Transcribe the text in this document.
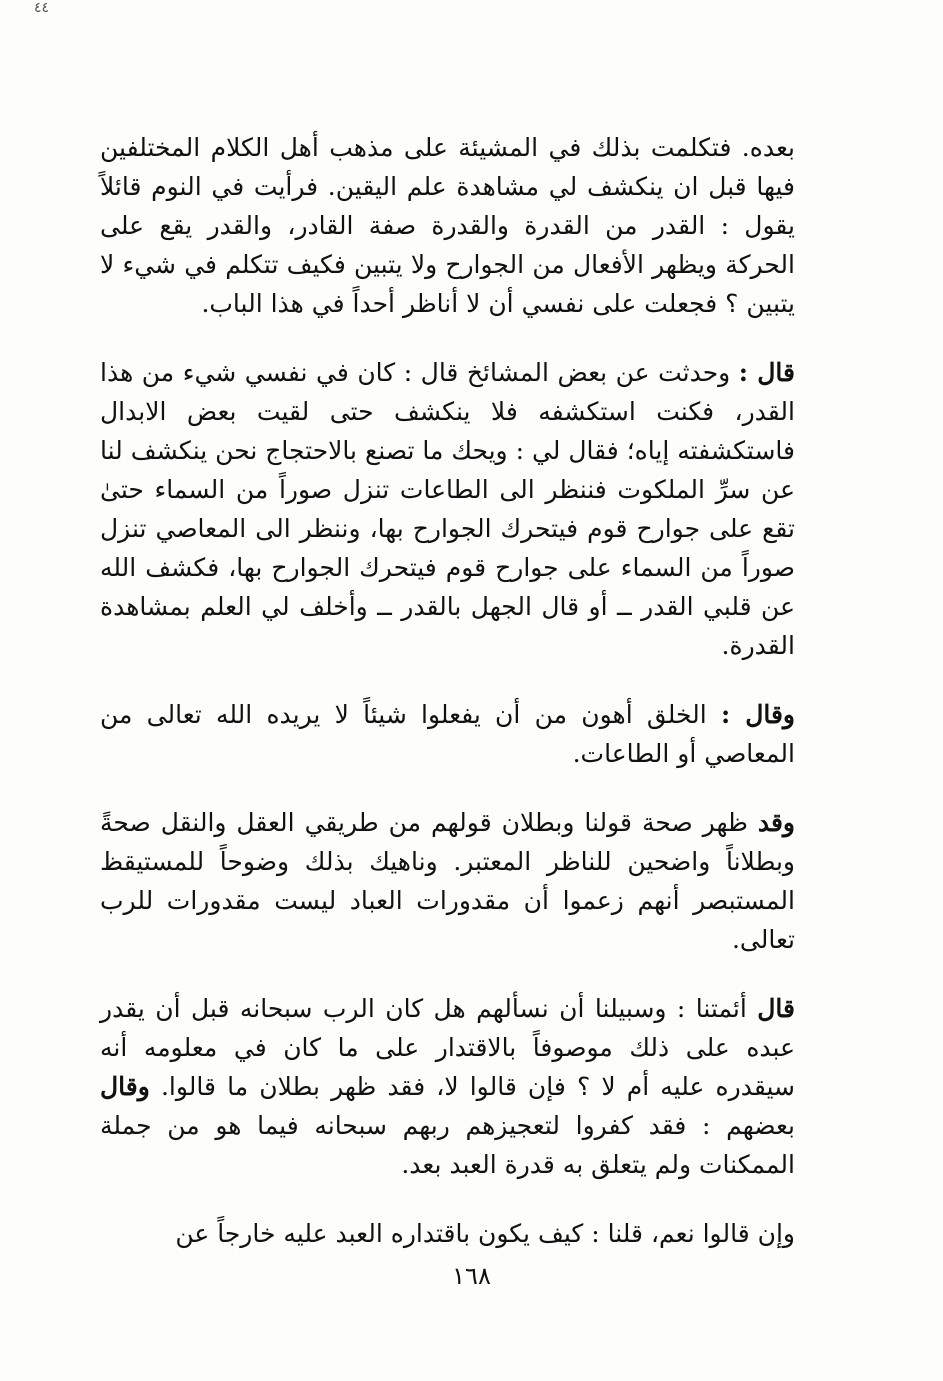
٤٤

بعده. فتكلمت بذلك في المشيئة على مذهب أهل الكلام المختلفين فيها قبل ان ينكشف لي مشاهدة علم اليقين. فرأيت في النوم قائلاً يقول : القدر من القدرة والقدرة صفة القادر، والقدر يقع على الحركة ويظهر الأفعال من الجوارح ولا يتبين فكيف تتكلم في شيء لا يتبين ؟ فجعلت على نفسي أن لا أناظر أحداً في هذا الباب.

قال : وحدثت عن بعض المشائخ قال : كان في نفسي شيء من هذا القدر، فكنت استكشفه فلا ينكشف حتى لقيت بعض الابدال فاستكشفته إياه؛ فقال لي : ويحك ما تصنع بالاحتجاج نحن ينكشف لنا عن سرِّ الملكوت فننظر الى الطاعات تنزل صوراً من السماء حتىٰ تقع على جوارح قوم فيتحرك الجوارح بها، وننظر الى المعاصي تنزل صوراً من السماء على جوارح قوم فيتحرك الجوارح بها، فكشف الله عن قلبي القدر ــ أو قال الجهل بالقدر ــ وأخلف لي العلم بمشاهدة القدرة.

وقال : الخلق أهون من أن يفعلوا شيئاً لا يريده الله تعالى من المعاصي أو الطاعات.

وقد ظهر صحة قولنا وبطلان قولهم من طريقي العقل والنقل صحةً وبطلاناً واضحين للناظر المعتبر. وناهيك بذلك وضوحاً للمستيقظ المستبصر أنهم زعموا أن مقدورات العباد ليست مقدورات للرب تعالى.

قال أئمتنا : وسبيلنا أن نسألهم هل كان الرب سبحانه قبل أن يقدر عبده على ذلك موصوفاً بالاقتدار على ما كان في معلومه أنه سيقدره عليه أم لا ؟ فإن قالوا لا، فقد ظهر بطلان ما قالوا. وقال بعضهم : فقد كفروا لتعجيزهم ربهم سبحانه فيما هو من جملة الممكنات ولم يتعلق به قدرة العبد بعد.

وإن قالوا نعم، قلنا : كيف يكون باقتداره العبد عليه خارجاً عن

١٦٨
